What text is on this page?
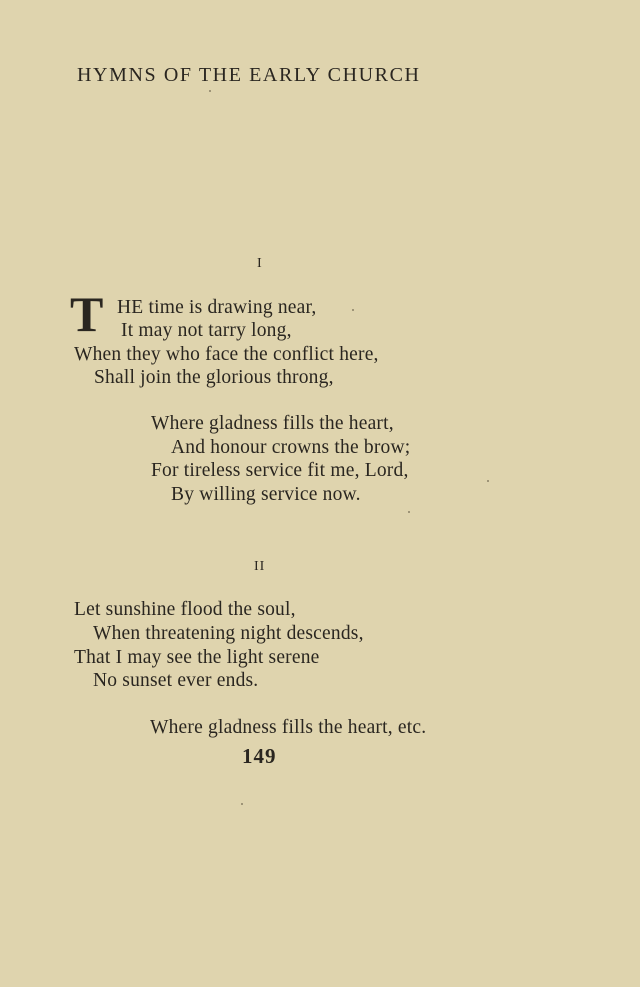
HYMNS OF THE EARLY CHURCH
I
T HE time is drawing near,
It may not tarry long,
When they who face the conflict here,
Shall join the glorious throng,
Where gladness fills the heart,
And honour crowns the brow;
For tireless service fit me, Lord,
By willing service now.
II
Let sunshine flood the soul,
When threatening night descends,
That I may see the light serene
No sunset ever ends.
Where gladness fills the heart, etc.
149
